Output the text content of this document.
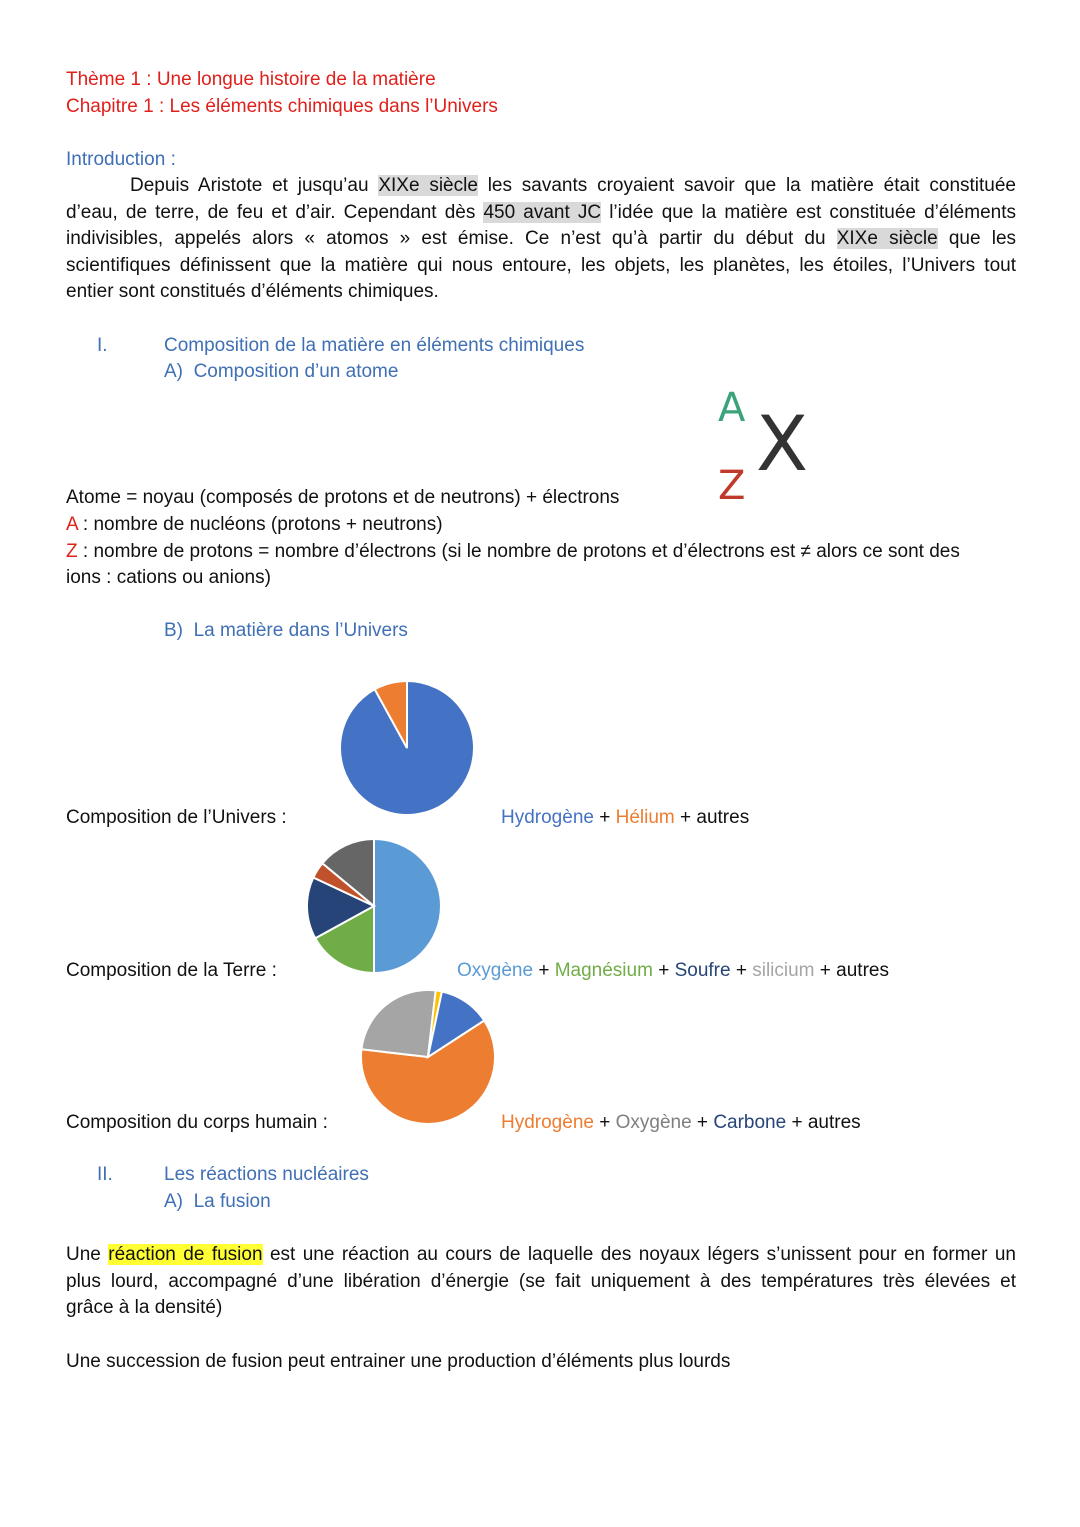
Thème 1 : Une longue histoire de la matière
Chapitre 1 : Les éléments chimiques dans l’Univers
Introduction :
Depuis Aristote et jusqu’au XIXe siècle les savants croyaient savoir que la matière était constituée
d’eau, de terre, de feu et d’air. Cependant dès 450 avant JC l’idée que la matière est constituée d’éléments
indivisibles, appelés alors « atomos » est émise. Ce n’est qu’à partir du début du XIXe siècle que les
scientifiques définissent que la matière qui nous entoure, les objets, les planètes, les étoiles, l’Univers tout
entier sont constitués d’éléments chimiques.
I.	Composition de la matière en éléments chimiques
A) Composition d’un atome
A
Z X
Atome = noyau (composés de protons et de neutrons) + électrons
A : nombre de nucléons (protons + neutrons)
Z : nombre de protons = nombre d’électrons (si le nombre de protons et d’électrons est ≠ alors ce sont des
ions : cations ou anions)
B) La matière dans l’Univers
Composition de l’Univers :	Hydrogène + Hélium + autres
Composition de la Terre :	Oxygène + Magnésium + Soufre + silicium + autres
Composition du corps humain :	Hydrogène + Oxygène + Carbone + autres
II.	Les réactions nucléaires
A) La fusion
Une réaction de fusion est une réaction au cours de laquelle des noyaux légers s’unissent pour en former un
plus lourd, accompagné d’une libération d’énergie (se fait uniquement à des températures très élevées et
grâce à la densité)
Une succession de fusion peut entrainer une production d’éléments plus lourds
